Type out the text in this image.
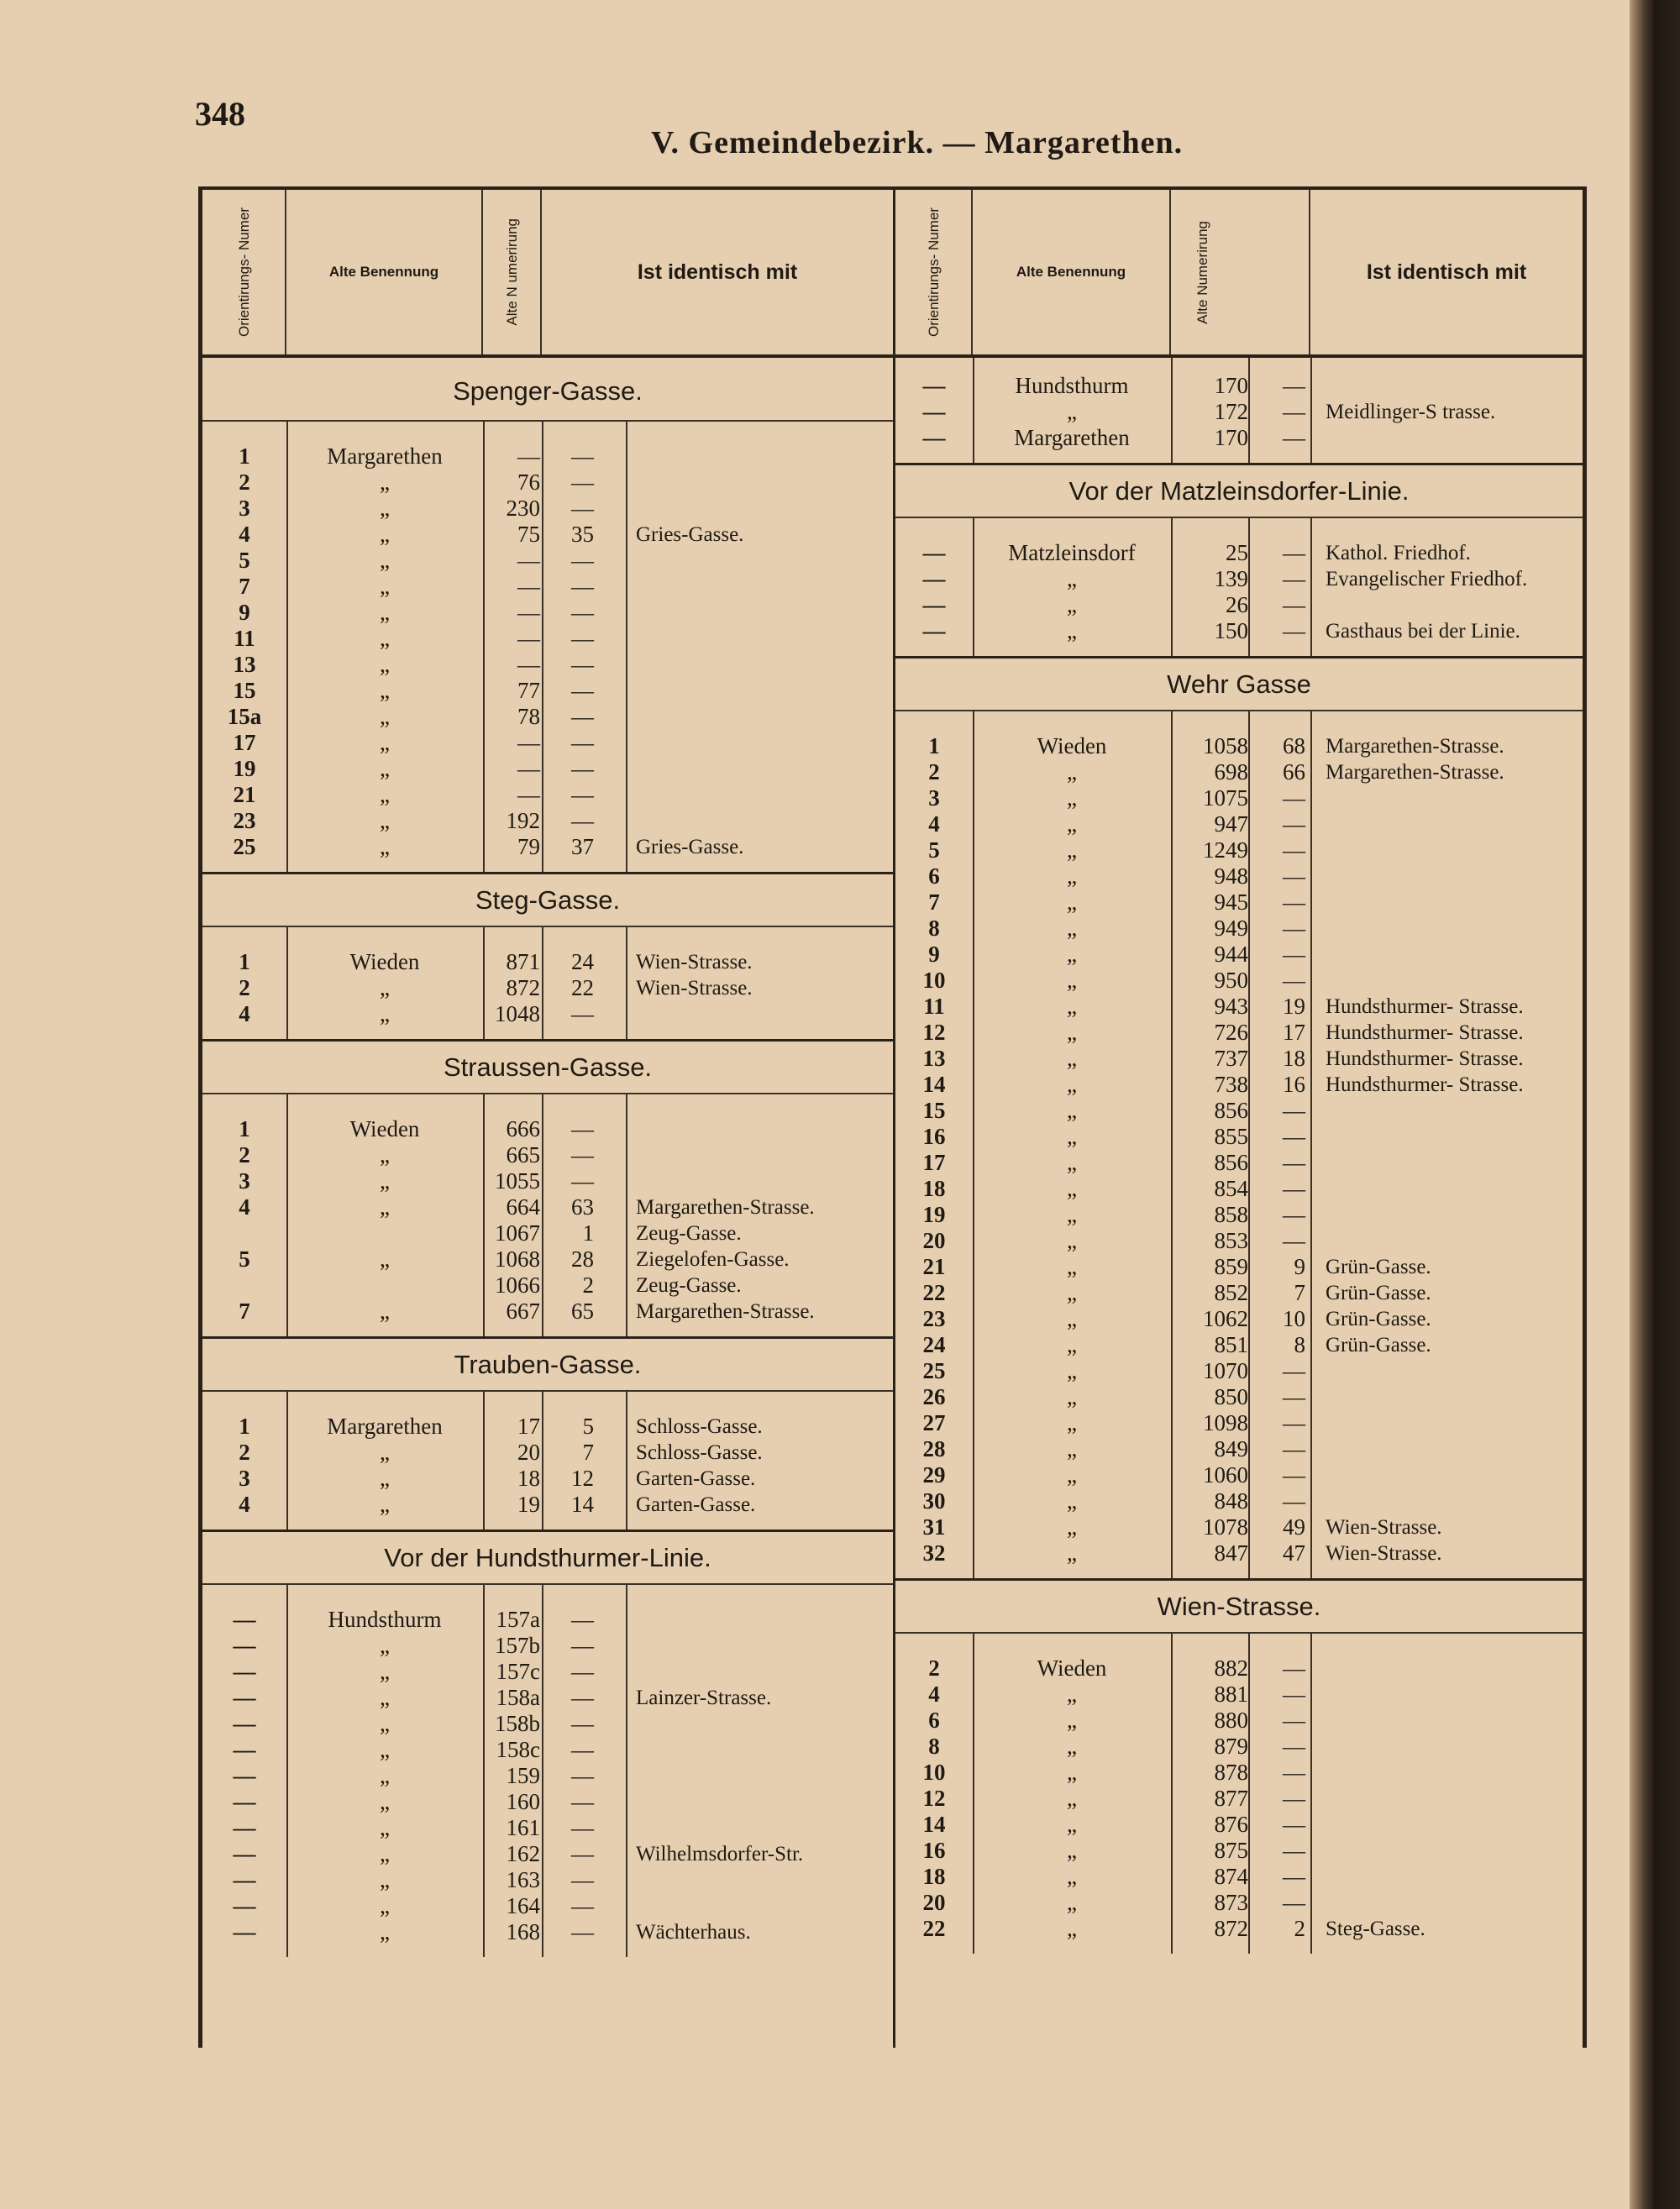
348
V. Gemeindebezirk. — Margarethen.
Orientirungs- Numer	Alte Benennung	Alte N umerirung	Ist identisch mit
Spenger-Gasse.
1	Margarethen	—	—
2	„	76	—
3	„	230	—
4	„	75	35 Gries-Gasse.
5	„	—	—
7	„	—	—
9	„	—	—
11	„	—	—
13	„	—	—
15	„	77	—
15a	„	78	—
17	„	—	—
19	„	—	—
21	„	—	—
23	„	192	—
25	„	79	37 Gries-Gasse.
Steg-Gasse.
1	Wieden	871	24 Wien-Strasse.
2	„	872	22 Wien-Strasse.
4	„	1048	—
Straussen-Gasse.
1	Wieden	666	—
2	„	665	—
3	„	1055	—
4	„	664	63 Margarethen-Strasse.
1067	1 Zeug-Gasse.
5	„	1068	28 Ziegelofen-Gasse.
1066	2 Zeug-Gasse.
7	„	667	65 Margarethen-Strasse.
Trauben-Gasse.
1	Margarethen	17	5 Schloss-Gasse.
2	„	20	7 Schloss-Gasse.
3	„	18	12 Garten-Gasse.
4	„	19	14 Garten-Gasse.
Vor der Hundsthurmer-Linie.
—	Hundsthurm	157a	—
—	„	157b	—
—	„	157c	—
—	„	158a	— Lainzer-Strasse.
—	„	158b	—
—	„	158c	—
—	„	159	—
—	„	160	—
—	„	161	—
—	„	162	— Wilhelmsdorfer-Str.
—	„	163	—
—	„	164	—
—	„	168	— Wächterhaus.
Orientirungs- Numer	Alte Benennung	Alte Numerirung	Ist identisch mit
—	Hundsthurm	170	—
—	„	172	— Meidlinger-S trasse.
—	Margarethen	170	—
Vor der Matzleinsdorfer-Linie.
—	Matzleinsdorf	25	— Kathol. Friedhof.
—	„	139	— Evangelischer Friedhof.
—	„	26	—
—	„	150	— Gasthaus bei der Linie.
Wehr Gasse
1	Wieden	1058	68 Margarethen-Strasse.
2	„	698	66 Margarethen-Strasse.
3	„	1075	—
4	„	947	—
5	„	1249	—
6	„	948	—
7	„	945	—
8	„	949	—
9	„	944	—
10	„	950	—
11	„	943	19 Hundsthurmer- Strasse.
12	„	726	17 Hundsthurmer- Strasse.
13	„	737	18 Hundsthurmer- Strasse.
14	„	738	16 Hundsthurmer- Strasse.
15	„	856	—
16	„	855	—
17	„	856	—
18	„	854	—
19	„	858	—
20	„	853	—
21	„	859	9 Grün-Gasse.
22	„	852	7 Grün-Gasse.
23	„	1062	10 Grün-Gasse.
24	„	851	8 Grün-Gasse.
25	„	1070	—
26	„	850	—
27	„	1098	—
28	„	849	—
29	„	1060	—
30	„	848	—
31	„	1078	49 Wien-Strasse.
32	„	847	47 Wien-Strasse.
Wien-Strasse.
2	Wieden	882	—
4	„	881	—
6	„	880	—
8	„	879	—
10	„	878	—
12	„	877	—
14	„	876	—
16	„	875	—
18	„	874	—
20	„	873	—
22	„	872	2 Steg-Gasse.
